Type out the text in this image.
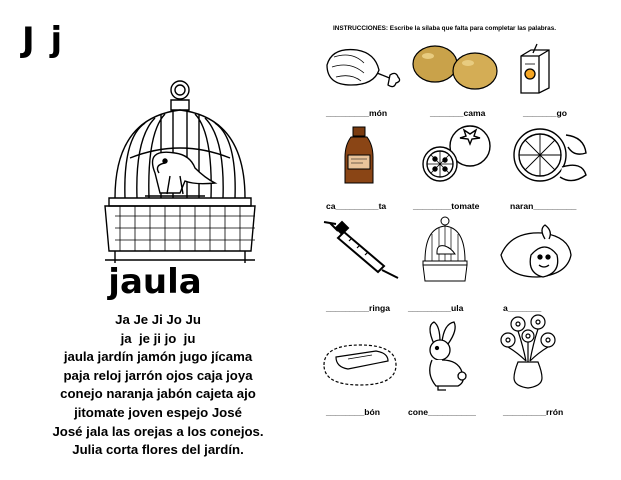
J j
jaula
Ja Je Ji Jo Ju
ja  je ji jo  ju
jaula jardín jamón jugo jícama
paja reloj jarrón ojos caja joya
conejo naranja jabón cajeta ajo
jitomate joven espejo José
José jala las orejas a los conejos.
Julia corta flores del jardín.
INSTRUCCIONES: Escribe la sílaba que falta para completar las palabras.
_________món	_______cama	_______go
ca_________ta	________tomate	naran_________
_________ringa _________ula	a_______
________bón	cone__________	_________rrón
